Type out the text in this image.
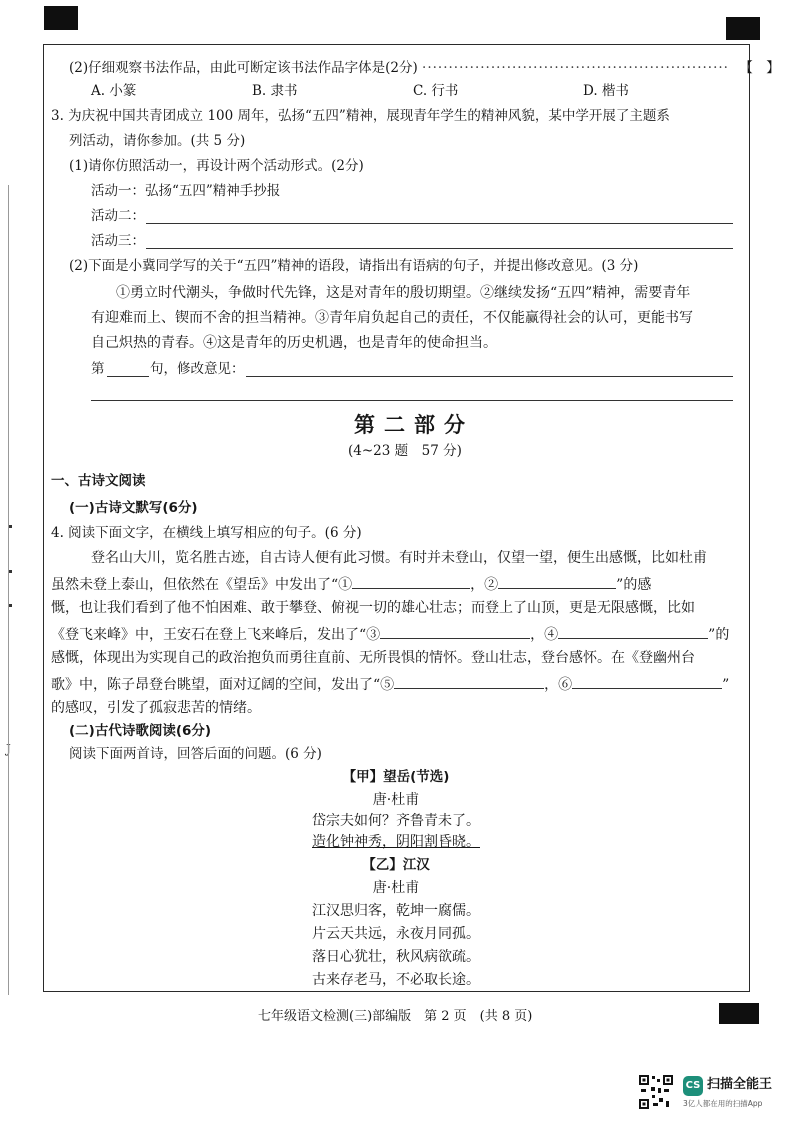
J
(2)仔细观察书法作品，由此可断定该书法作品字体是(2分) ·························································· 【　】
A. 小篆	B. 隶书	C. 行书	D. 楷书
3. 为庆祝中国共青团成立 100 周年，弘扬“五四”精神，展现青年学生的精神风貌，某中学开展了主题系
列活动，请你参加。(共 5 分)
(1)请你仿照活动一，再设计两个活动形式。(2分)
活动一：弘扬“五四”精神手抄报
活动二：
活动三：
(2)下面是小冀同学写的关于“五四”精神的语段，请指出有语病的句子，并提出修改意见。(3 分)
①勇立时代潮头，争做时代先锋，这是对青年的殷切期望。②继续发扬“五四”精神，需要青年
有迎难而上、锲而不舍的担当精神。③青年肩负起自己的责任，不仅能赢得社会的认可，更能书写
自己炽热的青春。④这是青年的历史机遇，也是青年的使命担当。
第	句，修改意见：
第二部分
(4~23 题　57 分)
一、古诗文阅读
(一)古诗文默写(6分)
4. 阅读下面文字，在横线上填写相应的句子。(6 分)
登名山大川，览名胜古迹，自古诗人便有此习惯。有时并未登山，仅望一望，便生出感慨，比如杜甫
虽然未登上泰山，但依然在《望岳》中发出了“①	，②	”的感
慨，也让我们看到了他不怕困难、敢于攀登、俯视一切的雄心壮志；而登上了山顶，更是无限感慨，比如
《登飞来峰》中，王安石在登上飞来峰后，发出了“③	，④	”的
感慨，体现出为实现自己的政治抱负而勇往直前、无所畏惧的情怀。登山壮志，登台感怀。在《登幽州台
歌》中，陈子昂登台眺望，面对辽阔的空间，发出了“⑤	，⑥	”
的感叹，引发了孤寂悲苦的情绪。
(二)古代诗歌阅读(6分)
阅读下面两首诗，回答后面的问题。(6 分)
【甲】望岳(节选)
唐·杜甫
岱宗夫如何？齐鲁青未了。
造化钟神秀，阴阳割昏晓。
【乙】江汉
唐·杜甫
江汉思归客，乾坤一腐儒。
片云天共远，永夜月同孤。
落日心犹壮，秋风病欲疏。
古来存老马，不必取长途。
七年级语文检测(三)部编版　第 2 页　(共 8 页)
CS 扫描全能王
3亿人都在用的扫描App
